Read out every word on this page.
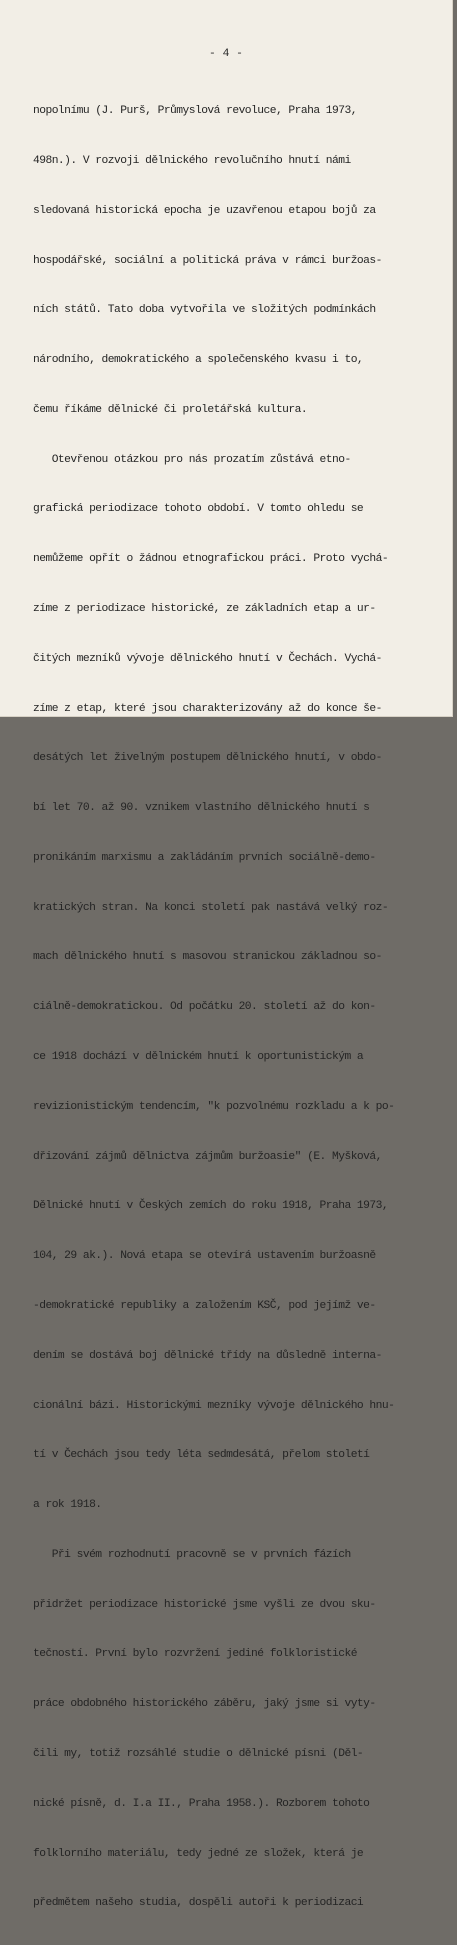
- 4 -

nopolnímu (J. Purš, Průmyslová revoluce, Praha 1973,

498n.). V rozvoji dělnického revolučního hnutí námi

sledovaná historická epocha je uzavřenou etapou bojů za

hospodářské, sociální a politická práva v rámci buržoas-

ních států. Tato doba vytvořila ve složitých podmínkách

národního, demokratického a společenského kvasu i to,

čemu říkáme dělnické či proletářská kultura.

Otevřenou otázkou pro nás prozatím zůstává etno-

grafická periodizace tohoto období. V tomto ohledu se

nemůžeme opřít o žádnou etnografickou práci. Proto vychá-

zíme z periodizace historické, ze základních etap a ur-

čitých mezníků vývoje dělnického hnutí v Čechách. Vychá-

zíme z etap, které jsou charakterizovány až do konce še-

desátých let živelným postupem dělnického hnutí, v obdo-

bí let 70. až 90. vznikem vlastního dělnického hnutí s

pronikáním marxismu a zakládáním prvních sociálně-demo-

kratických stran. Na konci století pak nastává velký roz-

mach dělnického hnutí s masovou stranickou základnou so-

ciálně-demokratickou. Od počátku 20. století až do kon-

ce 1918 dochází v dělnickém hnutí k oportunistickým a

revizionistickým tendencím, "k pozvolnému rozkladu a k po-

dřizování zájmů dělnictva zájmům buržoasie" (E. Myšková,

Dělnické hnutí v Českých zemích do roku 1918, Praha 1973,

104, 29 ak.). Nová etapa se otevírá ustavením buržoasně

-demokratické republiky a založením KSČ, pod jejímž ve-

dením se dostává boj dělnické třídy na důsledně interna-

cionální bázi. Historickými mezníky vývoje dělnického hnu-

tí v Čechách jsou tedy léta sedmdesátá, přelom století

a rok 1918.

Při svém rozhodnutí pracovně se v prvních fázích

přidržet periodizace historické jsme vyšli ze dvou sku-

tečností. První bylo rozvržení jediné folkloristické

práce obdobného historického záběru, jaký jsme si vyty-

čili my, totiž rozsáhlé studie o dělnické písni (Děl-

nické písně, d. I.a II., Praha 1958.). Rozborem tohoto

folklorního materiálu, tedy jedné ze složek, která je

předmětem našeho studia, dospěli autoři k periodizaci
